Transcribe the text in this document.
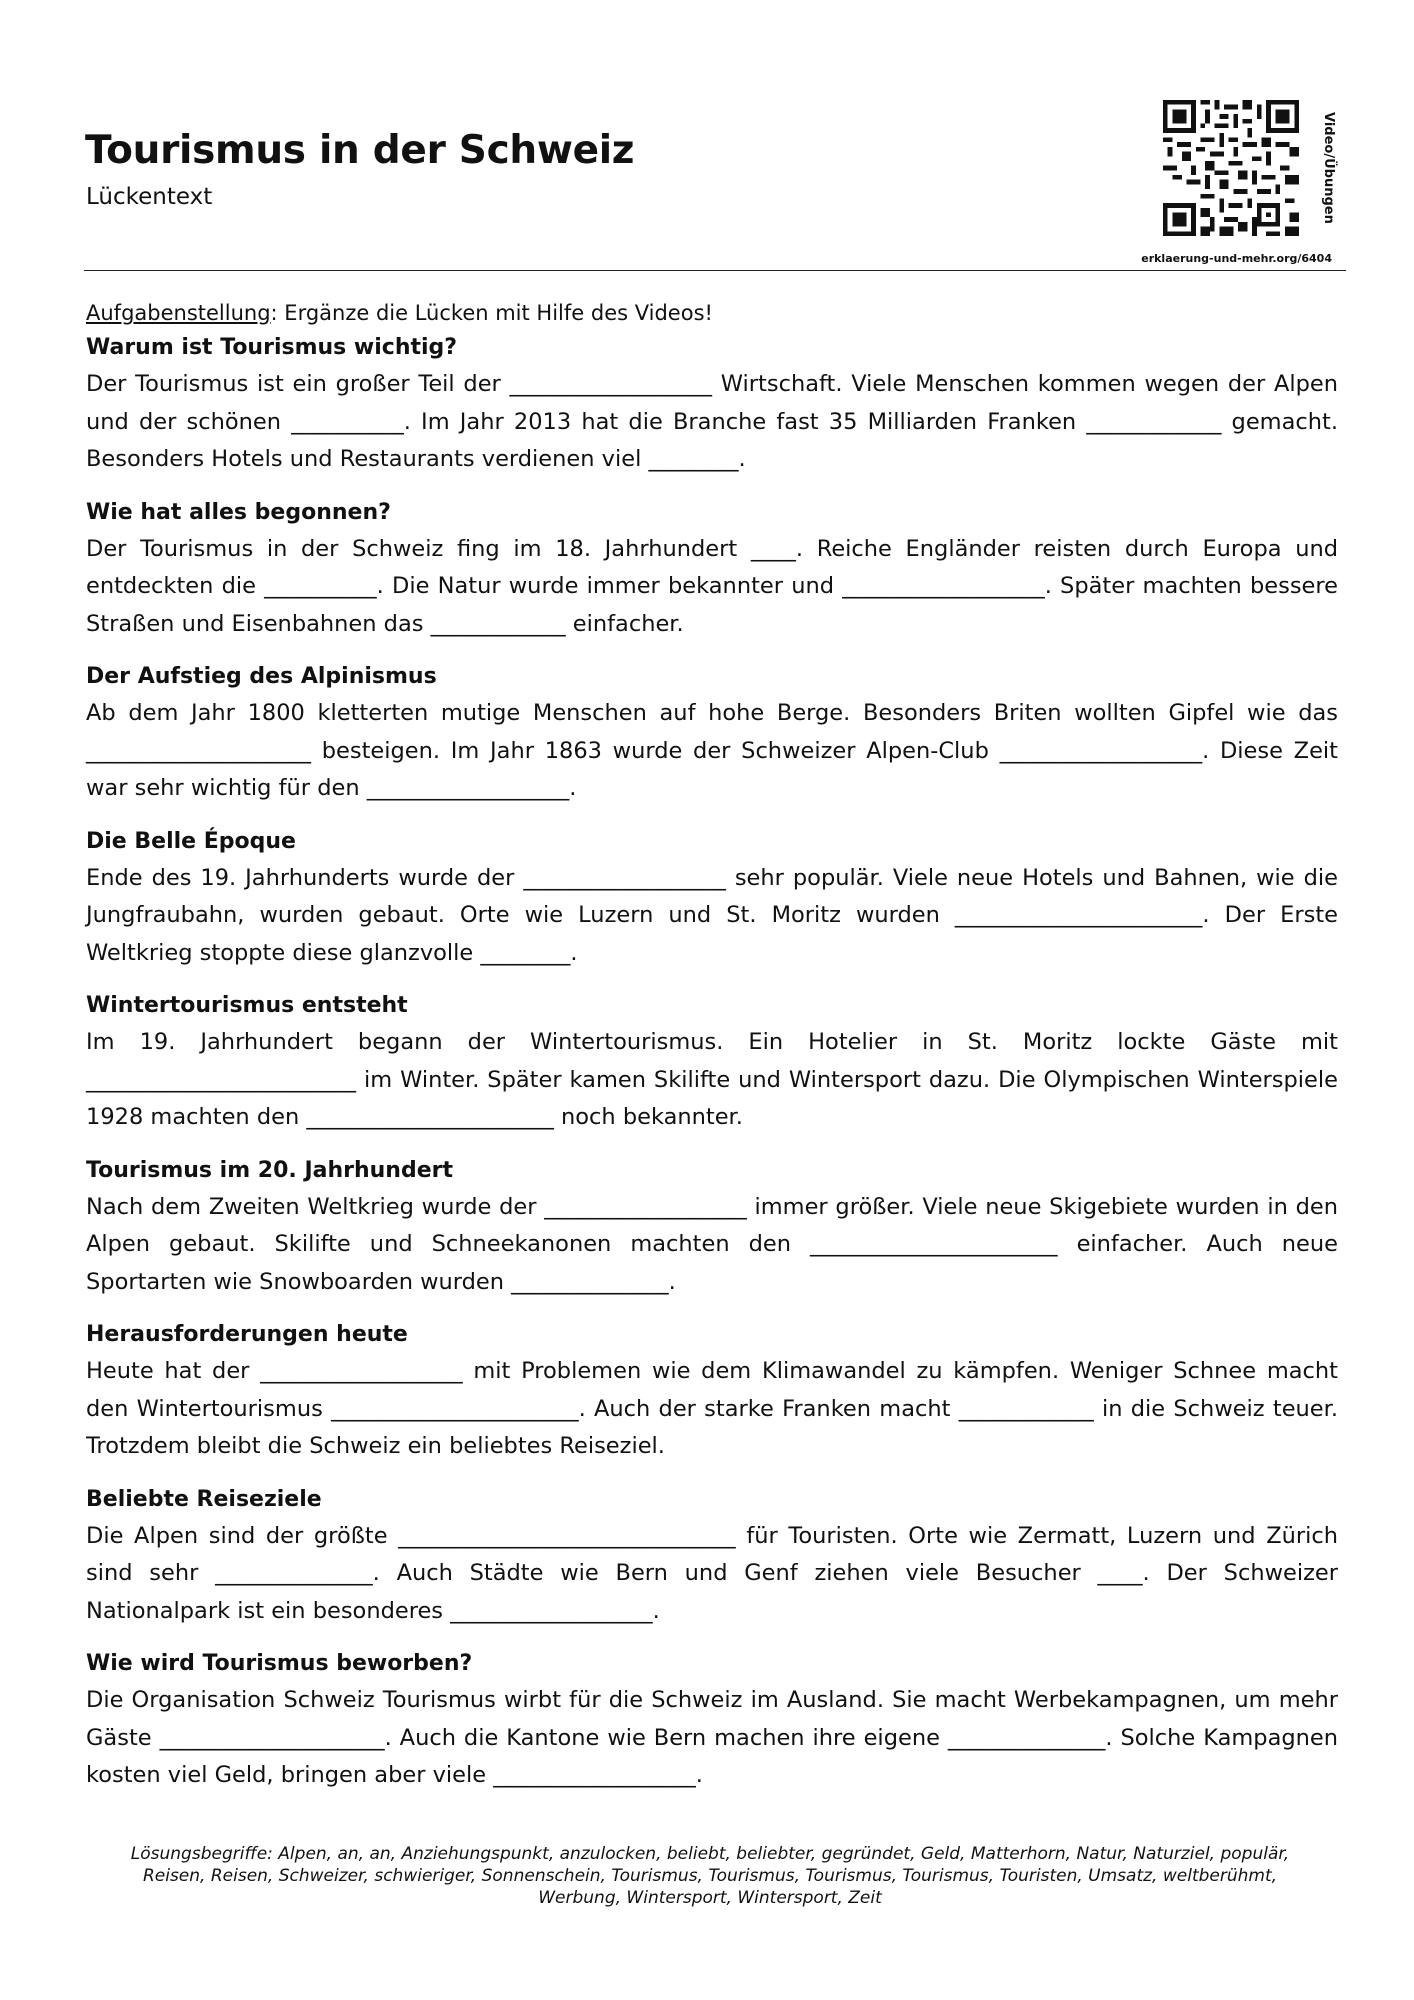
Tourismus in der Schweiz
Lückentext	Video/Übungen
erklaerung-und-mehr.org/6404

Aufgabenstellung: Ergänze die Lücken mit Hilfe des Videos!

Warum ist Tourismus wichtig?

Der Tourismus ist ein großer Teil der __________________ Wirtschaft. Viele Menschen kommen wegen der Alpen und der schönen __________. Im Jahr 2013 hat die Branche fast 35 Milliarden Franken ____________ gemacht. Besonders Hotels und Restaurants verdienen viel ________.

Wie hat alles begonnen?

Der Tourismus in der Schweiz fing im 18. Jahrhundert ____. Reiche Engländer reisten durch Europa und entdeckten die __________. Die Natur wurde immer bekannter und __________________. Später machten bessere Straßen und Eisenbahnen das ____________ einfacher.

Der Aufstieg des Alpinismus

Ab dem Jahr 1800 kletterten mutige Menschen auf hohe Berge. Besonders Briten wollten Gipfel wie das ____________________ besteigen. Im Jahr 1863 wurde der Schweizer Alpen-Club __________________. Diese Zeit war sehr wichtig für den __________________.

Die Belle Époque

Ende des 19. Jahrhunderts wurde der __________________ sehr populär. Viele neue Hotels und Bahnen, wie die Jungfraubahn, wurden gebaut. Orte wie Luzern und St. Moritz wurden ______________________. Der Erste Weltkrieg stoppte diese glanzvolle ________.

Wintertourismus entsteht

Im 19. Jahrhundert begann der Wintertourismus. Ein Hotelier in St. Moritz lockte Gäste mit ________________________ im Winter. Später kamen Skilifte und Wintersport dazu. Die Olympischen Winterspiele 1928 machten den ______________________ noch bekannter.

Tourismus im 20. Jahrhundert

Nach dem Zweiten Weltkrieg wurde der __________________ immer größer. Viele neue Skigebiete wurden in den Alpen gebaut. Skilifte und Schneekanonen machten den ______________________ einfacher. Auch neue Sportarten wie Snowboarden wurden ______________.

Herausforderungen heute

Heute hat der __________________ mit Problemen wie dem Klimawandel zu kämpfen. Weniger Schnee macht den Wintertourismus ______________________. Auch der starke Franken macht ____________ in die Schweiz teuer. Trotzdem bleibt die Schweiz ein beliebtes Reiseziel.

Beliebte Reiseziele

Die Alpen sind der größte ______________________________ für Touristen. Orte wie Zermatt, Luzern und Zürich sind sehr ______________. Auch Städte wie Bern und Genf ziehen viele Besucher ____. Der Schweizer Nationalpark ist ein besonderes __________________.

Wie wird Tourismus beworben?

Die Organisation Schweiz Tourismus wirbt für die Schweiz im Ausland. Sie macht Werbekampagnen, um mehr Gäste ____________________. Auch die Kantone wie Bern machen ihre eigene ______________. Solche Kampagnen kosten viel Geld, bringen aber viele __________________.

Lösungsbegriffe: Alpen, an, an, Anziehungspunkt, anzulocken, beliebt, beliebter, gegründet, Geld, Matterhorn, Natur, Naturziel, populär, Reisen, Reisen, Schweizer, schwieriger, Sonnenschein, Tourismus, Tourismus, Tourismus, Tourismus, Touristen, Umsatz, weltberühmt, Werbung, Wintersport, Wintersport, Zeit
